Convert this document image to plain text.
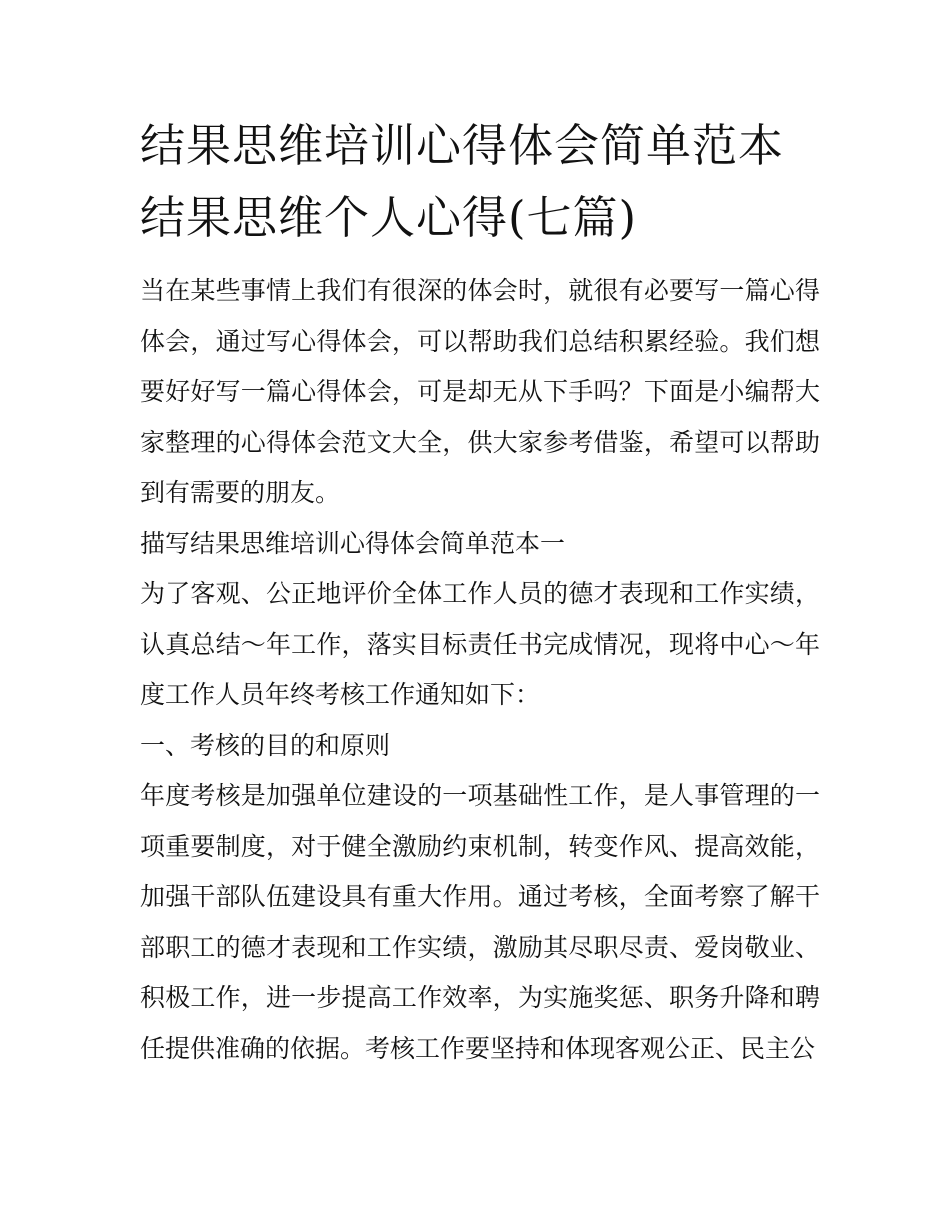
结果思维培训心得体会简单范本 结果思维个人心得(七篇)

当在某些事情上我们有很深的体会时，就很有必要写一篇心得体会，通过写心得体会，可以帮助我们总结积累经验。我们想要好好写一篇心得体会，可是却无从下手吗？下面是小编帮大家整理的心得体会范文大全，供大家参考借鉴，希望可以帮助到有需要的朋友。

描写结果思维培训心得体会简单范本一

为了客观、公正地评价全体工作人员的德才表现和工作实绩，认真总结～年工作，落实目标责任书完成情况，现将中心～年度工作人员年终考核工作通知如下：

一、考核的目的和原则

年度考核是加强单位建设的一项基础性工作，是人事管理的一项重要制度，对于健全激励约束机制，转变作风、提高效能，加强干部队伍建设具有重大作用。通过考核，全面考察了解干部职工的德才表现和工作实绩，激励其尽职尽责、爱岗敬业、积极工作，进一步提高工作效率，为实施奖惩、职务升降和聘任提供准确的依据。考核工作要坚持和体现客观公正、民主公
